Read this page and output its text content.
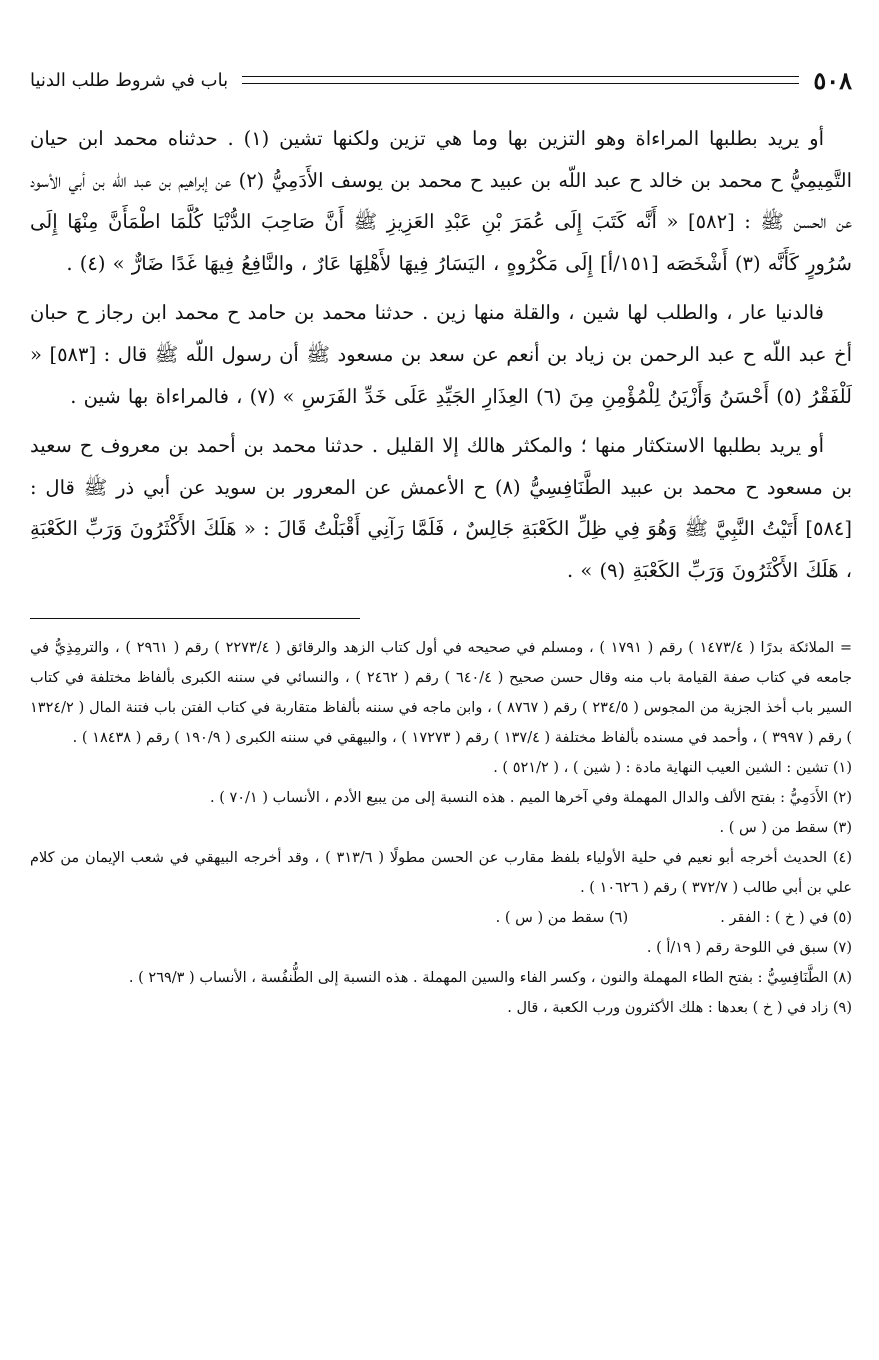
٥٠٨
باب في شروط طلب الدنيا

أو يريد بطلبها المراءاة وهو التزين بها وما هي تزين ولكنها تشين (١) . حدثناه محمد ابن حيان التَّمِيمِيُّ ح محمد بن خالد ح عبد اللّه بن عبيد ح محمد بن يوسف الأَدَمِيُّ (٢) عن إبراهيم بن عبد اللّه بن أبي الأسود عن الحسن ﷺ : [٥٨٢] « أَنَّه كَتَبَ إِلَى عُمَرَ بْنِ عَبْدِ العَزِيزِ ﷺ أَنَّ صَاحِبَ الدُّنْيَا كُلَّمَا اطْمَأَنَّ مِنْهَا إِلَى سُرُورٍ كَأَنَّه (٣) أَشْخَصَه [١٥١/أ] إِلَى مَكْرُوهٍ ، اليَسَارُ فِيهَا لأَهْلِهَا عَارٌ ، والنَّافِعُ فِيهَا غَدًا ضَارٌّ » (٤) .

فالدنيا عار ، والطلب لها شين ، والقلة منها زين . حدثنا محمد بن حامد ح محمد ابن رجاز ح حبان أخ عبد اللّه ح عبد الرحمن بن زياد بن أنعم عن سعد بن مسعود ﷺ أن رسول اللّه ﷺ قال : [٥٨٣] « لَلْفَقْرُ (٥) أَحْسَنُ وَأَزْيَنُ لِلْمُؤْمِنِ مِنَ (٦) العِذَارِ الجَيِّدِ عَلَى خَدِّ الفَرَسِ » (٧) ، فالمراءاة بها شين .

أو يريد بطلبها الاستكثار منها ؛ والمكثر هالك إلا القليل . حدثنا محمد بن أحمد بن معروف ح سعيد بن مسعود ح محمد بن عبيد الطَّنَافِسِيُّ (٨) ح الأعمش عن المعرور بن سويد عن أبي ذر ﷺ قال : [٥٨٤] أَتَيْتُ النَّبِيَّ ﷺ وَهُوَ فِي ظِلِّ الكَعْبَةِ جَالِسٌ ، فَلَمَّا رَآنِي أَقْبَلْتُ قَالَ : « هَلَكَ الأَكْثَرُونَ وَرَبِّ الكَعْبَةِ ، هَلَكَ الأَكْثَرُونَ وَرَبِّ الكَعْبَةِ (٩) » .

= الملائكة بدرًا ( ١٤٧٣/٤ ) رقم ( ١٧٩١ ) ، ومسلم في صحيحه في أول كتاب الزهد والرقائق ( ٢٢٧٣/٤ ) رقم ( ٢٩٦١ ) ، والترمِذِيُّ في جامعه في كتاب صفة القيامة باب منه وقال حسن صحيح ( ٦٤٠/٤ ) رقم ( ٢٤٦٢ ) ، والنسائي في سننه الكبرى بألفاظ مختلفة في كتاب السير باب أخذ الجزية من المجوس ( ٢٣٤/٥ ) رقم ( ٨٧٦٧ ) ، وابن ماجه في سننه بألفاظ متقاربة في كتاب الفتن باب فتنة المال ( ١٣٢٤/٢ ) رقم ( ٣٩٩٧ ) ، وأحمد في مسنده بألفاظ مختلفة ( ١٣٧/٤ ) رقم ( ١٧٢٧٣ ) ، والبيهقي في سننه الكبرى ( ١٩٠/٩ ) رقم ( ١٨٤٣٨ ) .

(١) تشين : الشين العيب النهاية مادة : ( شين ) ، ( ٥٢١/٢ ) .

(٢) الأَدَمِيُّ : بفتح الألف والدال المهملة وفي آخرها الميم . هذه النسبة إلى من يبيع الأدم ، الأنساب ( ٧٠/١ ) .

(٣) سقط من ( س ) .

(٤) الحديث أخرجه أبو نعيم في حلية الأولياء بلفظ مقارب عن الحسن مطولًا ( ٣١٣/٦ ) ، وقد أخرجه البيهقي في شعب الإيمان من كلام علي بن أبي طالب ( ٣٧٢/٧ ) رقم ( ١٠٦٢٦ ) .

(٥) في ( خ ) : الفقر .                    (٦) سقط من ( س ) .

(٧) سبق في اللوحة رقم ( ١٩/أ ) .

(٨) الطَّنَافِسِيُّ : بفتح الطاء المهملة والنون ، وكسر الفاء والسين المهملة . هذه النسبة إلى الطُّنفُسة ، الأنساب ( ٢٦٩/٣ ) .

(٩) زاد في ( خ ) بعدها : هلك الأكثرون ورب الكعبة ، قال .
